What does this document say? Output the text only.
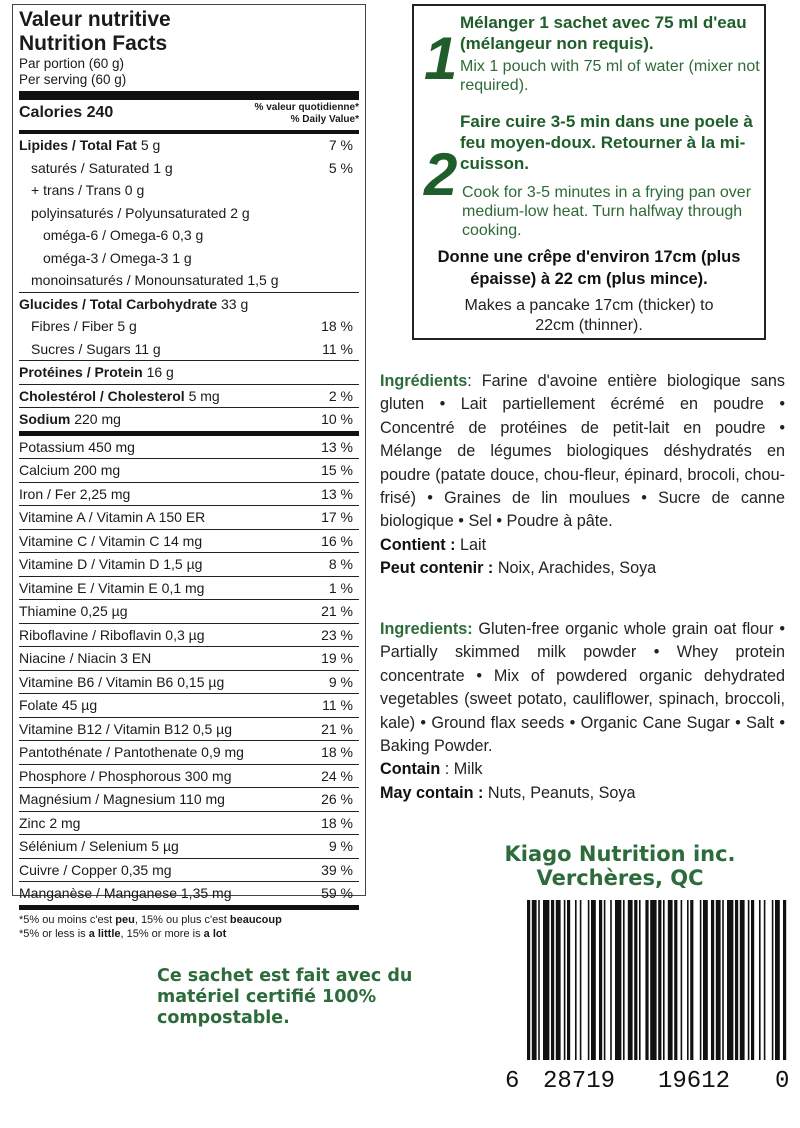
Valeur nutritive
Nutrition Facts
Par portion (60 g)
Per serving (60 g)
Calories 240	% valeur quotidienne*
% Daily Value*
Lipides / Total Fat 5 g	7 %
saturés / Saturated 1 g	5 %
+ trans / Trans 0 g
polyinsaturés / Polyunsaturated 2 g
oméga-6 / Omega-6 0,3 g
oméga-3 / Omega-3 1 g
monoinsaturés / Monounsaturated 1,5 g
Glucides / Total Carbohydrate 33 g
Fibres / Fiber 5 g	18 %
Sucres / Sugars 11 g	11 %
Protéines / Protein 16 g
Cholestérol / Cholesterol 5 mg	2 %
Sodium 220 mg	10 %
Potassium 450 mg	13 %
Calcium 200 mg	15 %
Iron / Fer 2,25 mg	13 %
Vitamine A / Vitamin A 150 ER	17 %
Vitamine C / Vitamin C 14 mg	16 %
Vitamine D / Vitamin D 1,5 µg	8 %
Vitamine E / Vitamin E 0,1 mg	1 %
Thiamine 0,25 µg	21 %
Riboflavine / Riboflavin 0,3 µg	23 %
Niacine / Niacin 3 EN	19 %
Vitamine B6 / Vitamin B6 0,15 µg	9 %
Folate 45 µg	11 %
Vitamine B12 / Vitamin B12 0,5 µg	21 %
Pantothénate / Pantothenate 0,9 mg	18 %
Phosphore / Phosphorous 300 mg	24 %
Magnésium / Magnesium 110 mg	26 %
Zinc 2 mg	18 %
Sélénium / Selenium 5 µg	9 %
Cuivre / Copper 0,35 mg	39 %
Manganèse / Manganese 1,35 mg	59 %
*5% ou moins c'est peu, 15% ou plus c'est beaucoup
*5% or less is a little, 15% or more is a lot
1
Mélanger 1 sachet avec 75 ml d'eau (mélangeur non requis).
Mix 1 pouch with 75 ml of water (mixer not required).
2
Faire cuire 3-5 min dans une poele à feu moyen-doux. Retourner à la mi-cuisson.
Cook for 3-5 minutes in a frying pan over medium-low heat. Turn halfway through cooking.
Donne une crêpe d'environ 17cm (plus épaisse) à 22 cm (plus mince).
Makes a pancake 17cm (thicker) to 22cm (thinner).
Ingrédients: Farine d'avoine entière biologique sans gluten • Lait partiellement écrémé en poudre • Concentré de protéines de petit-lait en poudre • Mélange de légumes biologiques déshydratés en poudre (patate douce, chou-fleur, épinard, brocoli, chou-frisé) • Graines de lin moulues • Sucre de canne biologique • Sel • Poudre à pâte.
Contient : Lait
Peut contenir : Noix, Arachides, Soya
Ingredients: Gluten-free organic whole grain oat flour • Partially skimmed milk powder • Whey protein concentrate • Mix of powdered organic dehydrated vegetables (sweet potato, cauliflower, spinach, broccoli, kale) • Ground flax seeds • Organic Cane Sugar • Salt • Baking Powder.
Contain : Milk
May contain : Nuts, Peanuts, Soya
Kiago Nutrition inc.
Verchères, QC
Ce sachet est fait avec du matériel certifié 100% compostable.
6 28719 19612 0
